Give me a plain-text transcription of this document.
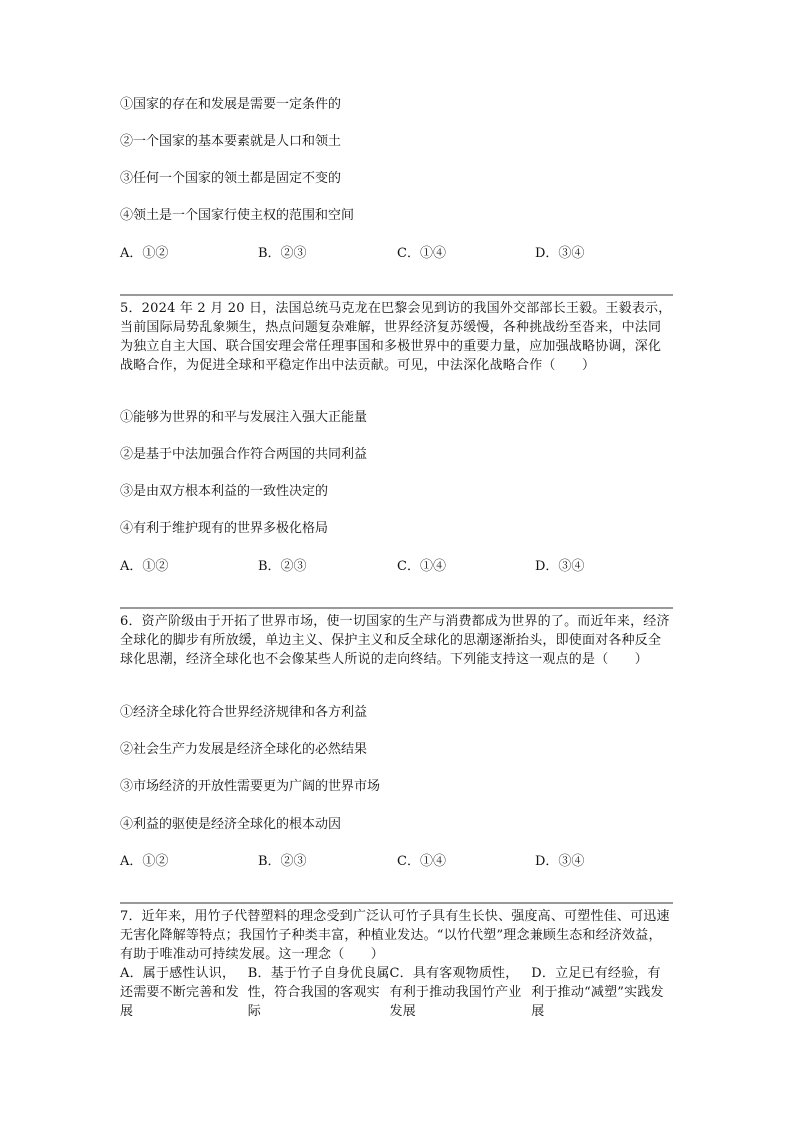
①国家的存在和发展是需要一定条件的
②一个国家的基本要素就是人口和领土
③任何一个国家的领土都是固定不变的
④领土是一个国家行使主权的范围和空间
A．①②	B．②③	C．①④	D．③④
5．2024 年 2 月 20 日，法国总统马克龙在巴黎会见到访的我国外交部部长王毅。王毅表示，当前国际局势乱象频生，热点问题复杂难解，世界经济复苏缓慢，各种挑战纷至沓来，中法同为独立自主大国、联合国安理会常任理事国和多极世界中的重要力量，应加强战略协调，深化战略合作，为促进全球和平稳定作出中法贡献。可见，中法深化战略合作（　　）
①能够为世界的和平与发展注入强大正能量
②是基于中法加强合作符合两国的共同利益
③是由双方根本利益的一致性决定的
④有利于维护现有的世界多极化格局
A．①②	B．②③	C．①④	D．③④
6．资产阶级由于开拓了世界市场，使一切国家的生产与消费都成为世界的了。而近年来，经济全球化的脚步有所放缓，单边主义、保护主义和反全球化的思潮逐渐抬头，即使面对各种反全球化思潮，经济全球化也不会像某些人所说的走向终结。下列能支持这一观点的是（　　）
①经济全球化符合世界经济规律和各方利益
②社会生产力发展是经济全球化的必然结果
③市场经济的开放性需要更为广阔的世界市场
④利益的驱使是经济全球化的根本动因
A．①②	B．②③	C．①④	D．③④
7．近年来，用竹子代替塑料的理念受到广泛认可竹子具有生长快、强度高、可塑性佳、可迅速无害化降解等特点；我国竹子种类丰富，种植业发达。“以竹代塑”理念兼顾生态和经济效益，有助于唯准动可持续发展。这一理念（　　）
A．属于感性认识，还需要不断完善和发展
B．基于竹子自身优良属性，符合我国的客观实际
C．具有客观物质性，有利于推动我国竹产业发展
D．立足已有经验，有利于推动“减塑”实践发展
